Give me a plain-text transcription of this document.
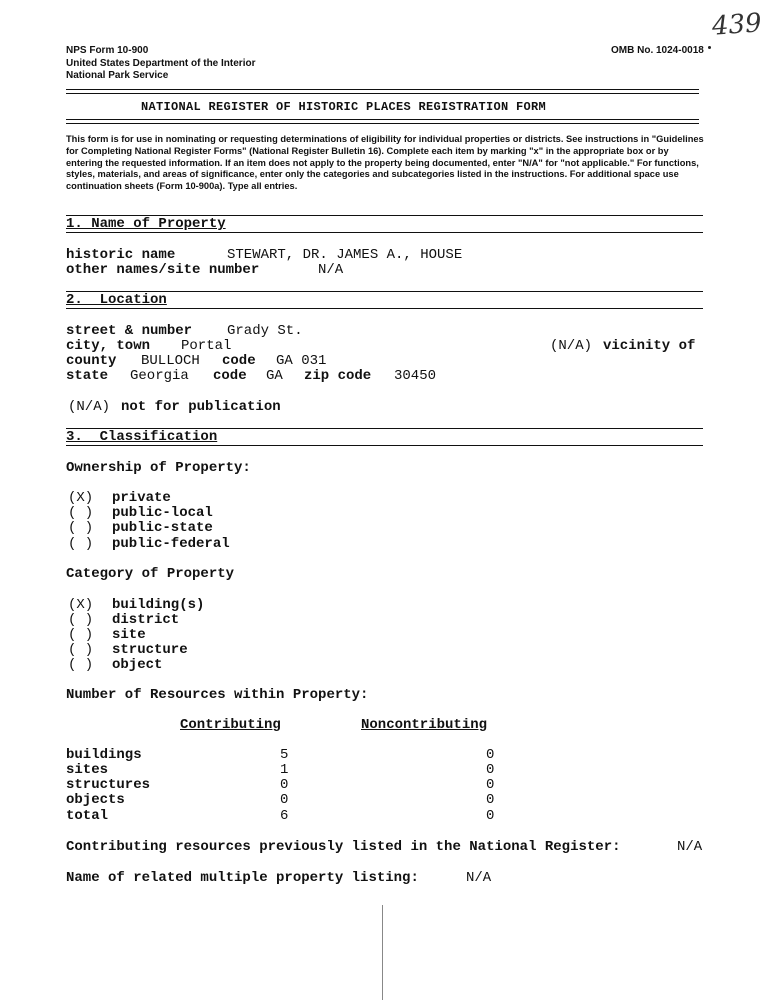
439
NPS Form 10-900	OMB No. 1024-0018
United States Department of the Interior
National Park Service
NATIONAL REGISTER OF HISTORIC PLACES REGISTRATION FORM
This form is for use in nominating or requesting determinations of eligibility for individual properties or districts. See instructions in "Guidelines for Completing National Register Forms" (National Register Bulletin 16). Complete each item by marking "x" in the appropriate box or by entering the requested information. If an item does not apply to the property being documented, enter "N/A" for "not applicable." For functions, styles, materials, and areas of significance, enter only the categories and subcategories listed in the instructions. For additional space use continuation sheets (Form 10-900a). Type all entries.
1. Name of Property
historic name	STEWART, DR. JAMES A., HOUSE
other names/site number	N/A
2.  Location
street & number Grady St.
city, town Portal	(N/A) vicinity of
county BULLOCH code GA 031
state Georgia code GA zip code 30450
(N/A) not for publication
3.  Classification
Ownership of Property:
(X) private
( ) public-local
( ) public-state
( ) public-federal
Category of Property
(X) building(s)
( ) district
( ) site
( ) structure
( ) object
Number of Resources within Property:
Contributing	Noncontributing
buildings	5	0
sites	1	0
structures	0	0
objects	0	0
total	6	0
Contributing resources previously listed in the National Register:	N/A
Name of related multiple property listing:	N/A
